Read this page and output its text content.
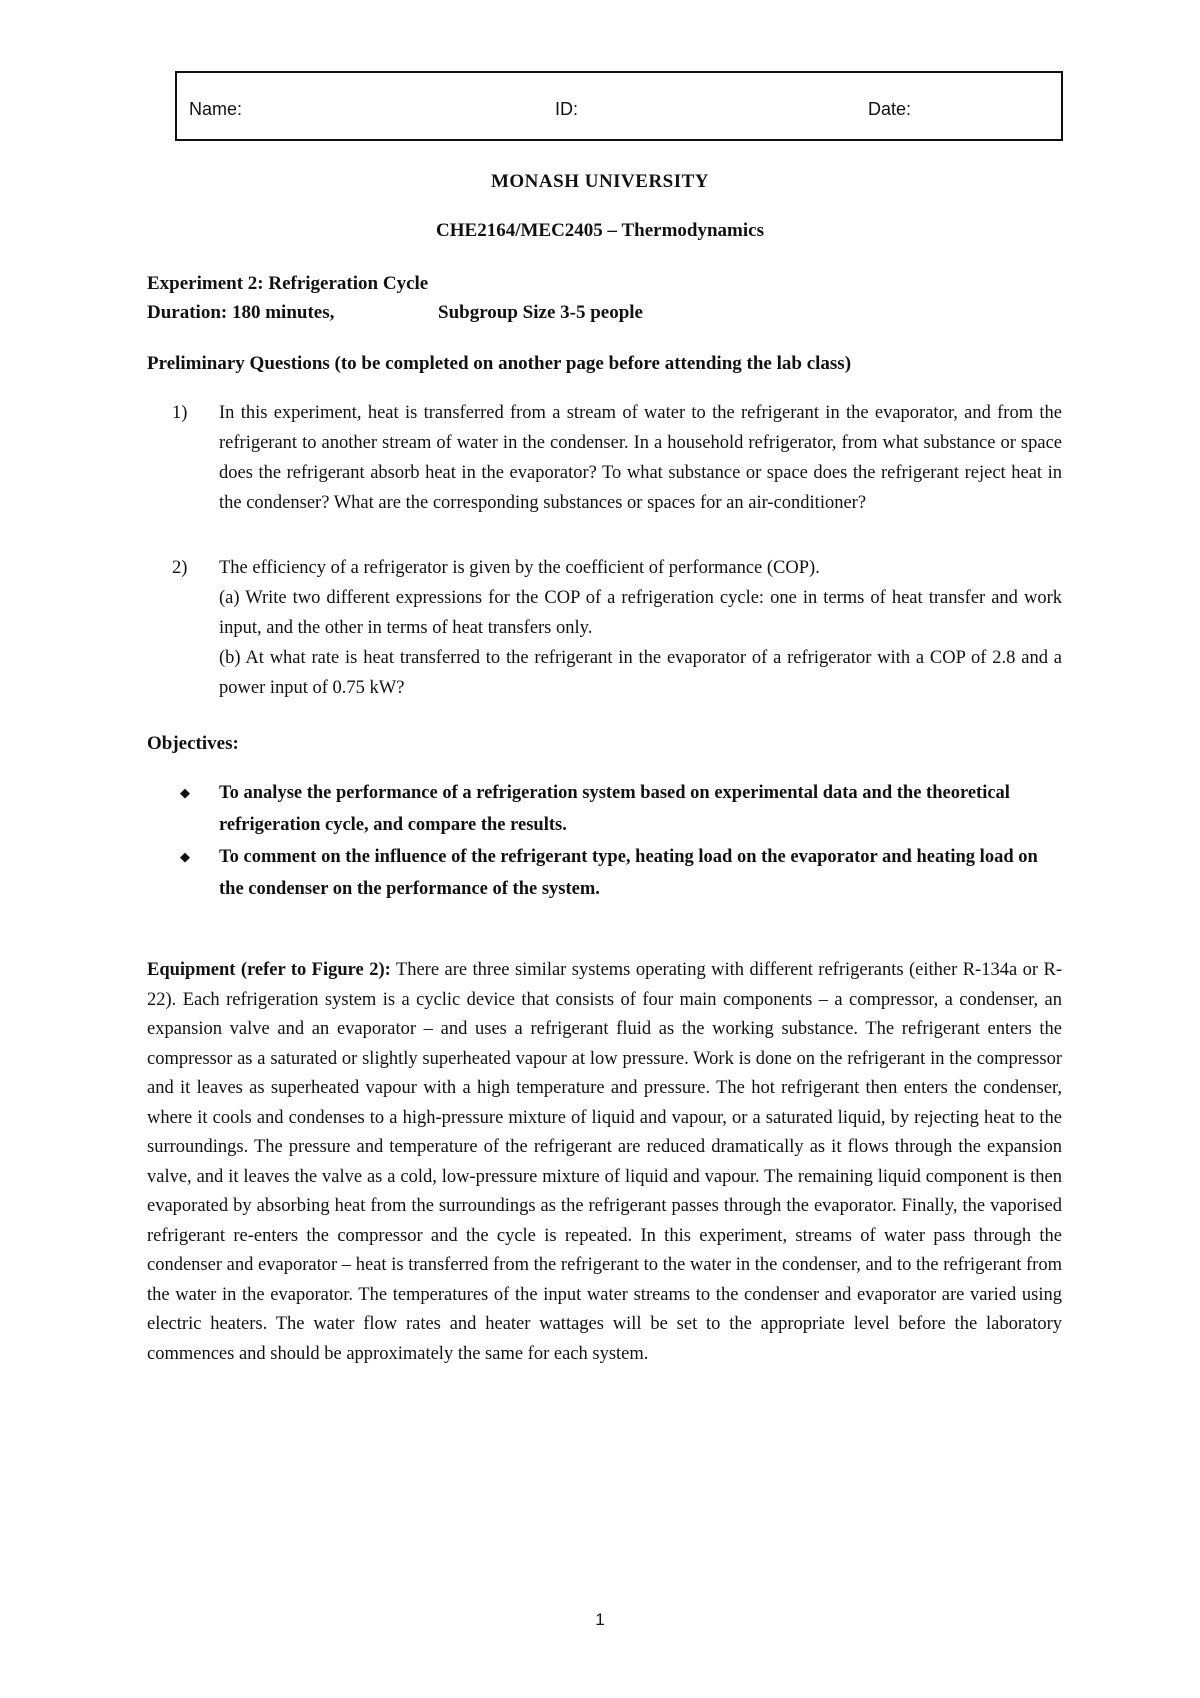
Name:	ID:	Date:
MONASH UNIVERSITY
CHE2164/MEC2405 – Thermodynamics
Experiment 2: Refrigeration Cycle
Duration: 180 minutes,	Subgroup Size 3-5 people
Preliminary Questions (to be completed on another page before attending the lab class)
1) In this experiment, heat is transferred from a stream of water to the refrigerant in the evaporator, and from the refrigerant to another stream of water in the condenser. In a household refrigerator, from what substance or space does the refrigerant absorb heat in the evaporator? To what substance or space does the refrigerant reject heat in the condenser? What are the corresponding substances or spaces for an air-conditioner?
2) The efficiency of a refrigerator is given by the coefficient of performance (COP).
(a) Write two different expressions for the COP of a refrigeration cycle: one in terms of heat transfer and work input, and the other in terms of heat transfers only.
(b) At what rate is heat transferred to the refrigerant in the evaporator of a refrigerator with a COP of 2.8 and a power input of 0.75 kW?
Objectives:
◆ To analyse the performance of a refrigeration system based on experimental data and the theoretical refrigeration cycle, and compare the results.
◆ To comment on the influence of the refrigerant type, heating load on the evaporator and heating load on the condenser on the performance of the system.
Equipment (refer to Figure 2): There are three similar systems operating with different refrigerants (either R-134a or R-22). Each refrigeration system is a cyclic device that consists of four main components – a compressor, a condenser, an expansion valve and an evaporator – and uses a refrigerant fluid as the working substance. The refrigerant enters the compressor as a saturated or slightly superheated vapour at low pressure. Work is done on the refrigerant in the compressor and it leaves as superheated vapour with a high temperature and pressure. The hot refrigerant then enters the condenser, where it cools and condenses to a high-pressure mixture of liquid and vapour, or a saturated liquid, by rejecting heat to the surroundings. The pressure and temperature of the refrigerant are reduced dramatically as it flows through the expansion valve, and it leaves the valve as a cold, low-pressure mixture of liquid and vapour. The remaining liquid component is then evaporated by absorbing heat from the surroundings as the refrigerant passes through the evaporator. Finally, the vaporised refrigerant re-enters the compressor and the cycle is repeated. In this experiment, streams of water pass through the condenser and evaporator – heat is transferred from the refrigerant to the water in the condenser, and to the refrigerant from the water in the evaporator. The temperatures of the input water streams to the condenser and evaporator are varied using electric heaters. The water flow rates and heater wattages will be set to the appropriate level before the laboratory commences and should be approximately the same for each system.
1
